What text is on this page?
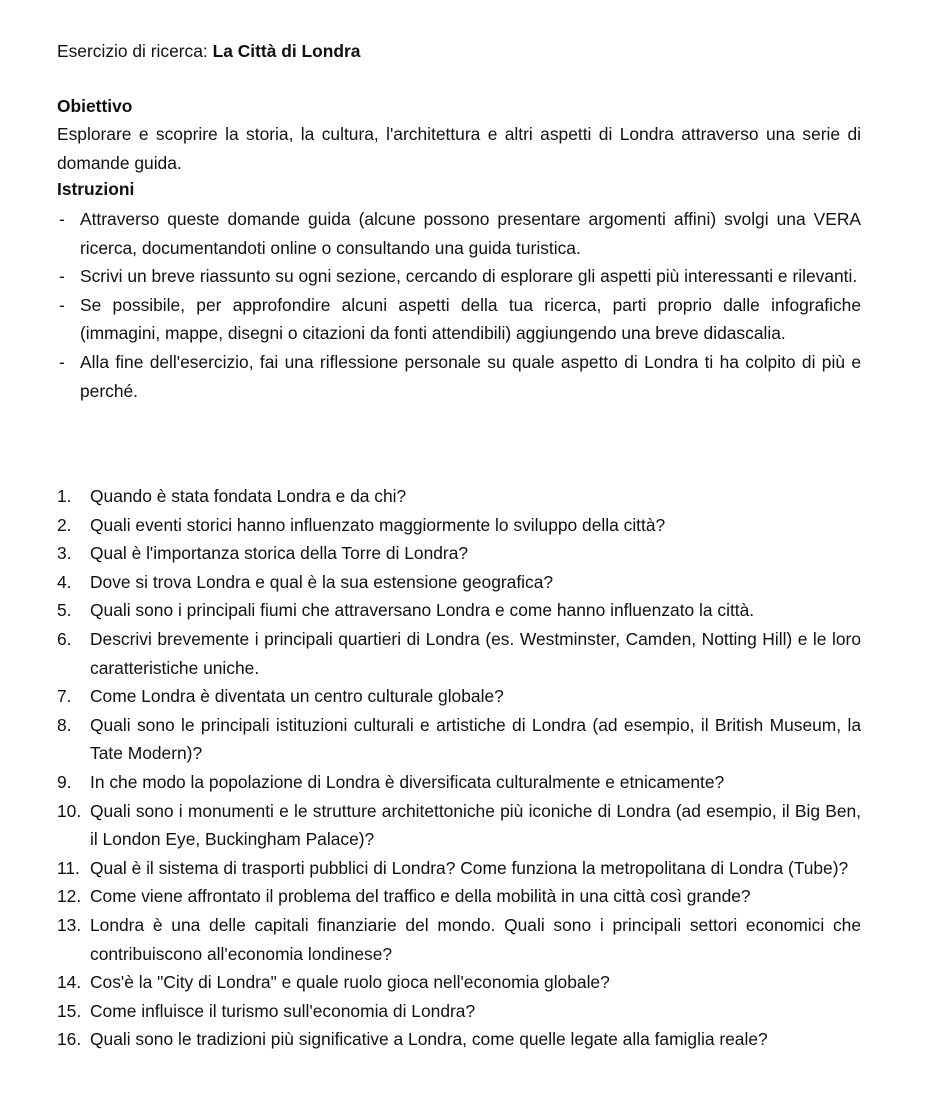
Esercizio di ricerca: La Città di Londra
Obiettivo
Esplorare e scoprire la storia, la cultura, l'architettura e altri aspetti di Londra attraverso una serie di domande guida.
Istruzioni
- Attraverso queste domande guida (alcune possono presentare argomenti affini) svolgi una VERA ricerca, documentandoti online o consultando una guida turistica.
- Scrivi un breve riassunto su ogni sezione, cercando di esplorare gli aspetti più interessanti e rilevanti.
- Se possibile, per approfondire alcuni aspetti della tua ricerca, parti proprio dalle infografiche (immagini, mappe, disegni o citazioni da fonti attendibili) aggiungendo una breve didascalia.
- Alla fine dell'esercizio, fai una riflessione personale su quale aspetto di Londra ti ha colpito di più e perché.
1. Quando è stata fondata Londra e da chi?
2. Quali eventi storici hanno influenzato maggiormente lo sviluppo della città?
3. Qual è l'importanza storica della Torre di Londra?
4. Dove si trova Londra e qual è la sua estensione geografica?
5. Quali sono i principali fiumi che attraversano Londra e come hanno influenzato la città.
6. Descrivi brevemente i principali quartieri di Londra (es. Westminster, Camden, Notting Hill) e le loro caratteristiche uniche.
7. Come Londra è diventata un centro culturale globale?
8. Quali sono le principali istituzioni culturali e artistiche di Londra (ad esempio, il British Museum, la Tate Modern)?
9. In che modo la popolazione di Londra è diversificata culturalmente e etnicamente?
10. Quali sono i monumenti e le strutture architettoniche più iconiche di Londra (ad esempio, il Big Ben, il London Eye, Buckingham Palace)?
11. Qual è il sistema di trasporti pubblici di Londra? Come funziona la metropolitana di Londra (Tube)?
12. Come viene affrontato il problema del traffico e della mobilità in una città così grande?
13. Londra è una delle capitali finanziarie del mondo. Quali sono i principali settori economici che contribuiscono all'economia londinese?
14. Cos'è la "City di Londra" e quale ruolo gioca nell'economia globale?
15. Come influisce il turismo sull'economia di Londra?
16. Quali sono le tradizioni più significative a Londra, come quelle legate alla famiglia reale?
